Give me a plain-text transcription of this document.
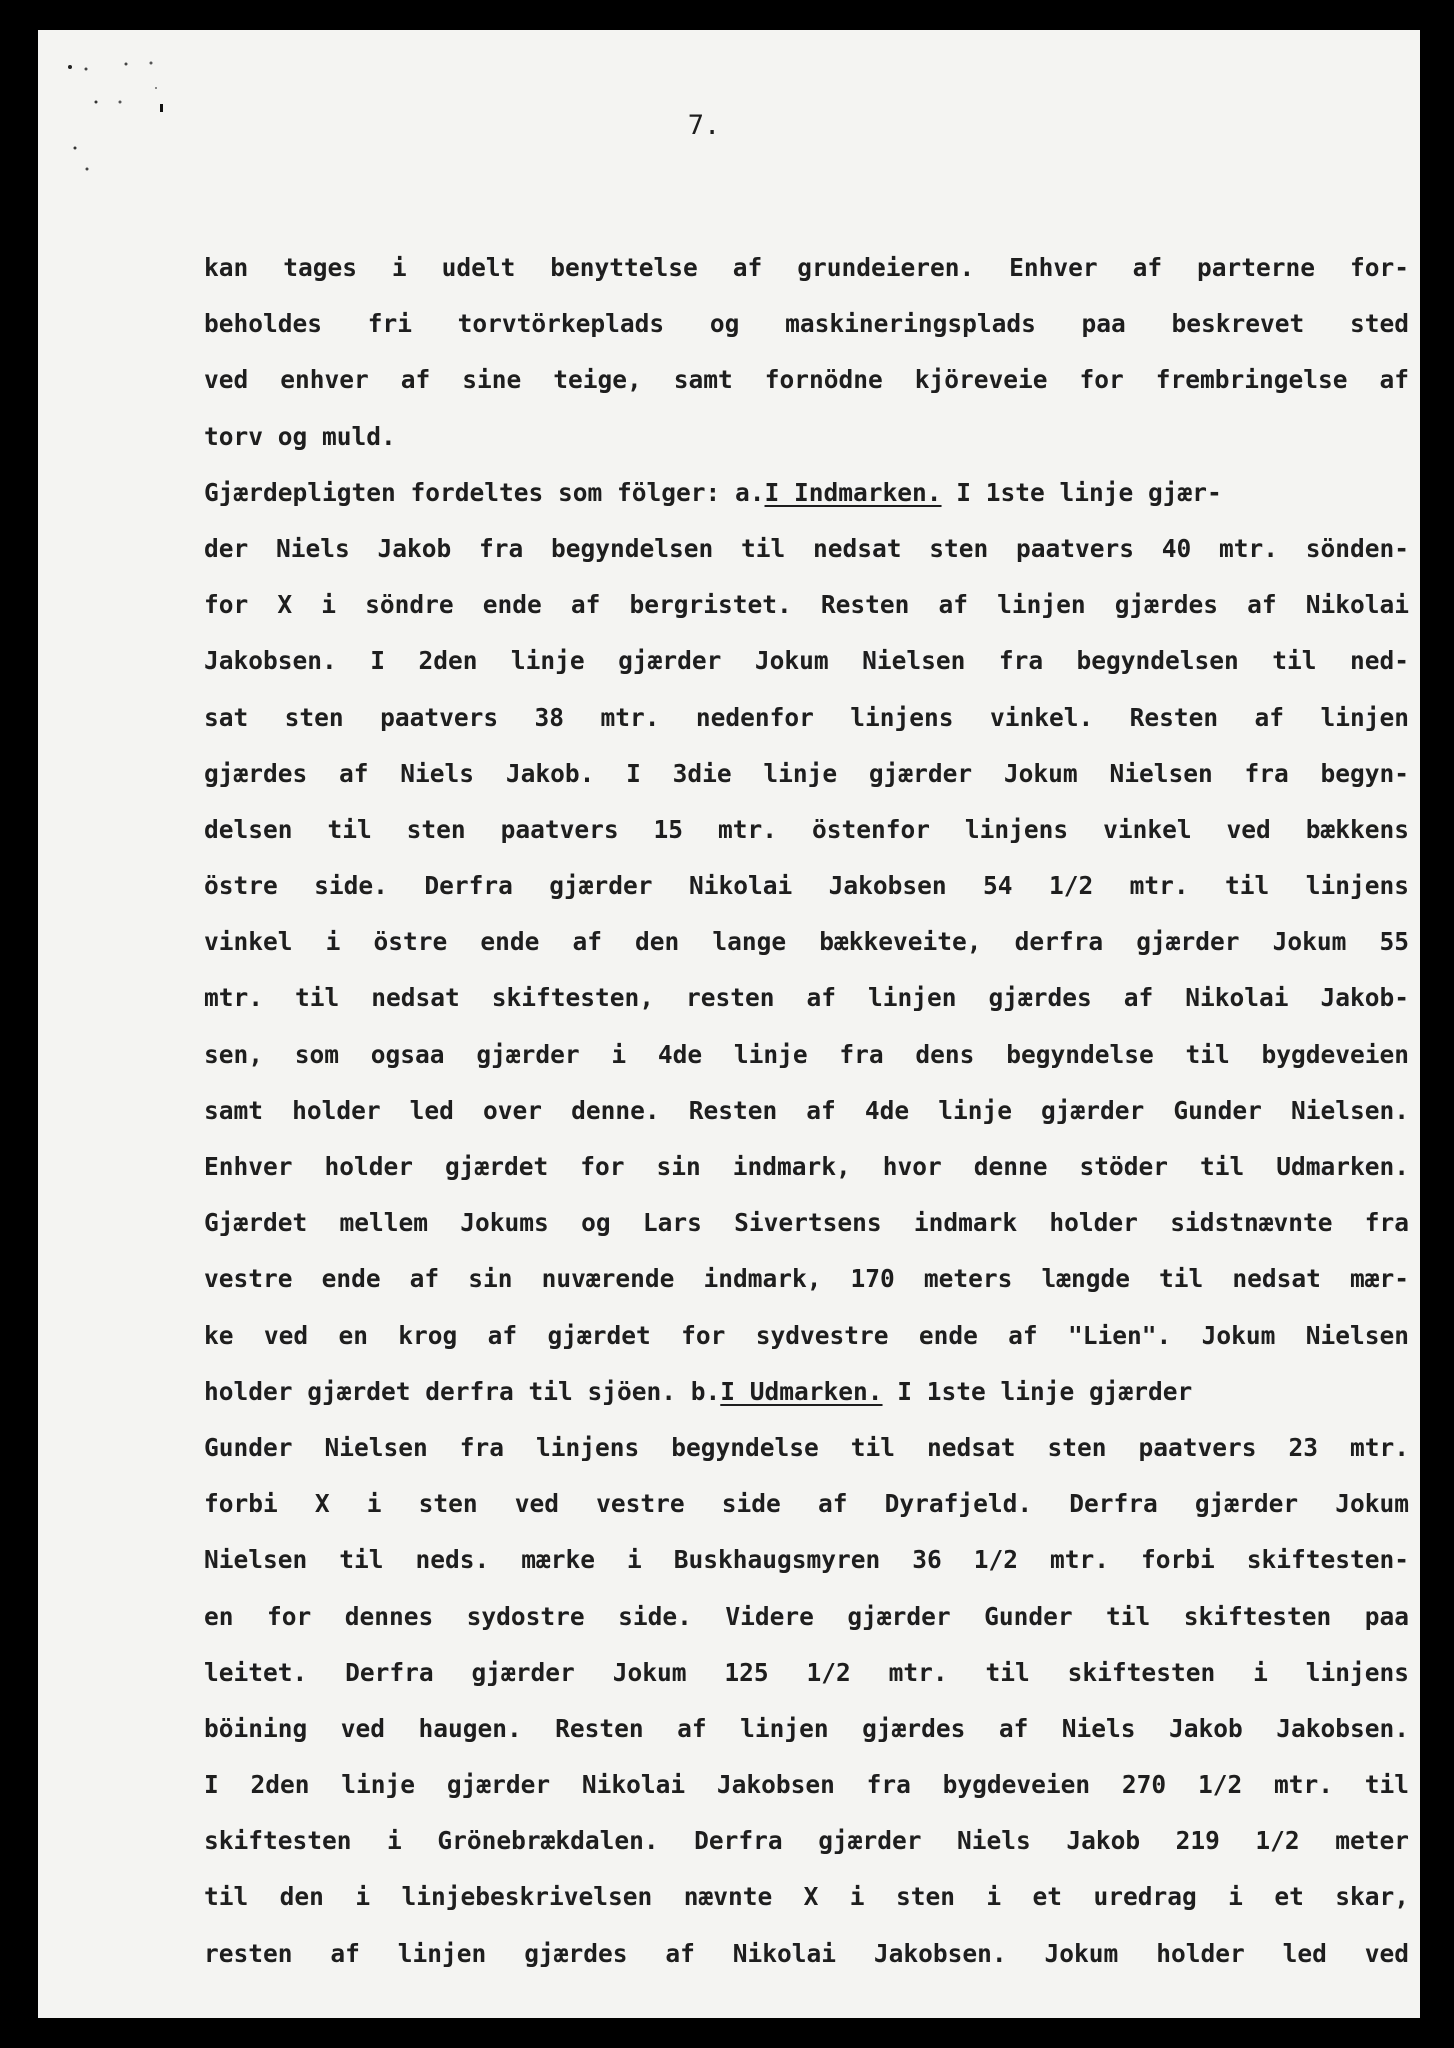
7.
kan tages i udelt benyttelse af grundeieren. Enhver af parterne for-
beholdes fri torvtörkeplads og maskineringsplads paa beskrevet sted
ved enhver af sine teige, samt fornödne kjöreveie for frembringelse af
torv og muld.
Gjærdepligten fordeltes som fölger: a.I Indmarken. I 1ste linje gjær-
der Niels Jakob fra begyndelsen til nedsat sten paatvers 40 mtr. sönden-
for X i söndre ende af bergristet. Resten af linjen gjærdes af Nikolai
Jakobsen. I 2den linje gjærder Jokum Nielsen fra begyndelsen til ned-
sat sten paatvers 38 mtr. nedenfor linjens vinkel. Resten af linjen
gjærdes af Niels Jakob. I 3die linje gjærder Jokum Nielsen fra begyn-
delsen til sten paatvers 15 mtr. östenfor linjens vinkel ved bækkens
östre side. Derfra gjærder Nikolai Jakobsen 54 1/2 mtr. til linjens
vinkel i östre ende af den lange bækkeveite, derfra gjærder Jokum 55
mtr. til nedsat skiftesten, resten af linjen gjærdes af Nikolai Jakob-
sen, som ogsaa gjærder i 4de linje fra dens begyndelse til bygdeveien
samt holder led over denne. Resten af 4de linje gjærder Gunder Nielsen.
Enhver holder gjærdet for sin indmark, hvor denne stöder til Udmarken.
Gjærdet mellem Jokums og Lars Sivertsens indmark holder sidstnævnte fra
vestre ende af sin nuværende indmark, 170 meters længde til nedsat mær-
ke ved en krog af gjærdet for sydvestre ende af "Lien". Jokum Nielsen
holder gjærdet derfra til sjöen. b.I Udmarken. I 1ste linje gjærder
Gunder Nielsen fra linjens begyndelse til nedsat sten paatvers 23 mtr.
forbi X i sten ved vestre side af Dyrafjeld. Derfra gjærder Jokum
Nielsen til neds. mærke i Buskhaugsmyren 36 1/2 mtr. forbi skiftesten-
en for dennes sydostre side. Videre gjærder Gunder til skiftesten paa
leitet. Derfra gjærder Jokum 125 1/2 mtr. til skiftesten i linjens
böining ved haugen. Resten af linjen gjærdes af Niels Jakob Jakobsen.
I 2den linje gjærder Nikolai Jakobsen fra bygdeveien 270 1/2 mtr. til
skiftesten i Grönebrækdalen. Derfra gjærder Niels Jakob 219 1/2 meter
til den i linjebeskrivelsen nævnte X i sten i et uredrag i et skar,
resten af linjen gjærdes af Nikolai Jakobsen. Jokum holder led ved
